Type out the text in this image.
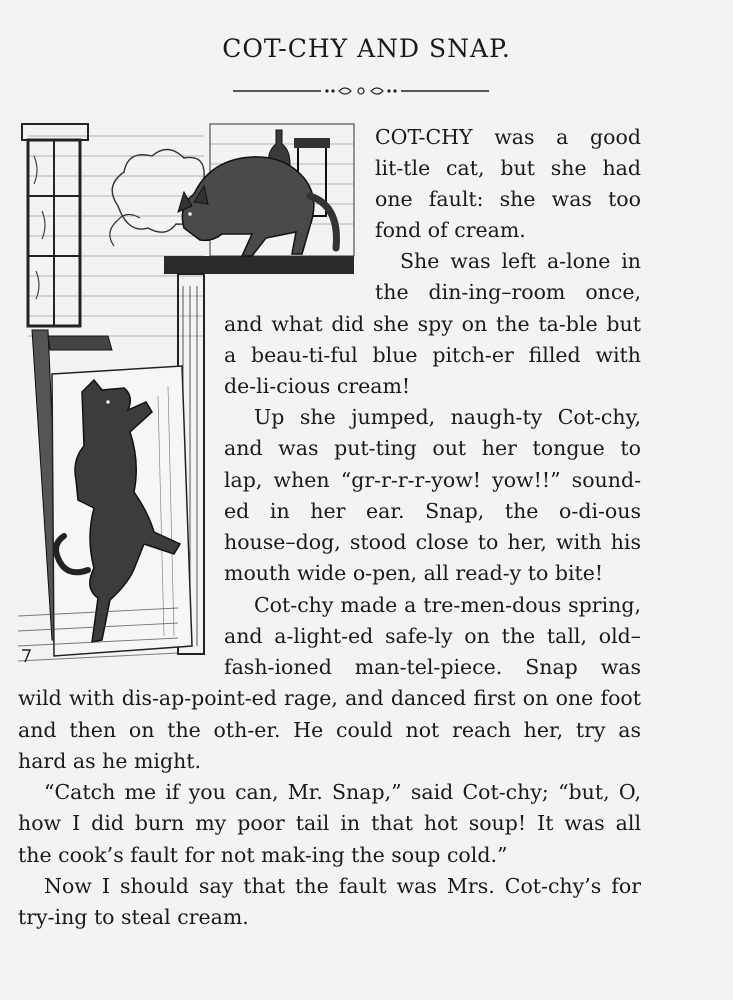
COT-CHY AND SNAP.
COT-CHY was a good
lit-tle cat, but she had
one fault: she was too
fond of cream.
She was left a-lone in
the din-ing–room once,
and what did she spy on the ta-ble but
a beau-ti-ful blue pitch-er filled with
de-li-cious cream!
Up she jumped, naugh-ty Cot-chy,
and was put-ting out her tongue to
lap, when “gr-r-r-r-yow! yow!!” sound-
ed in her ear. Snap, the o-di-ous
house–dog, stood close to her, with his
mouth wide o-pen, all read-y to bite!
Cot-chy made a tre-men-dous spring,
and a-light-ed safe-ly on the tall, old–
fash-ioned man-tel-piece. Snap was
wild with dis-ap-point-ed rage, and danced first on one foot
and then on the oth-er. He could not reach her, try as
hard as he might.
“Catch me if you can, Mr. Snap,” said Cot-chy; “but, O,
how I did burn my poor tail in that hot soup! It was all
the cook’s fault for not mak-ing the soup cold.”
Now I should say that the fault was Mrs. Cot-chy’s for
try-ing to steal cream.
